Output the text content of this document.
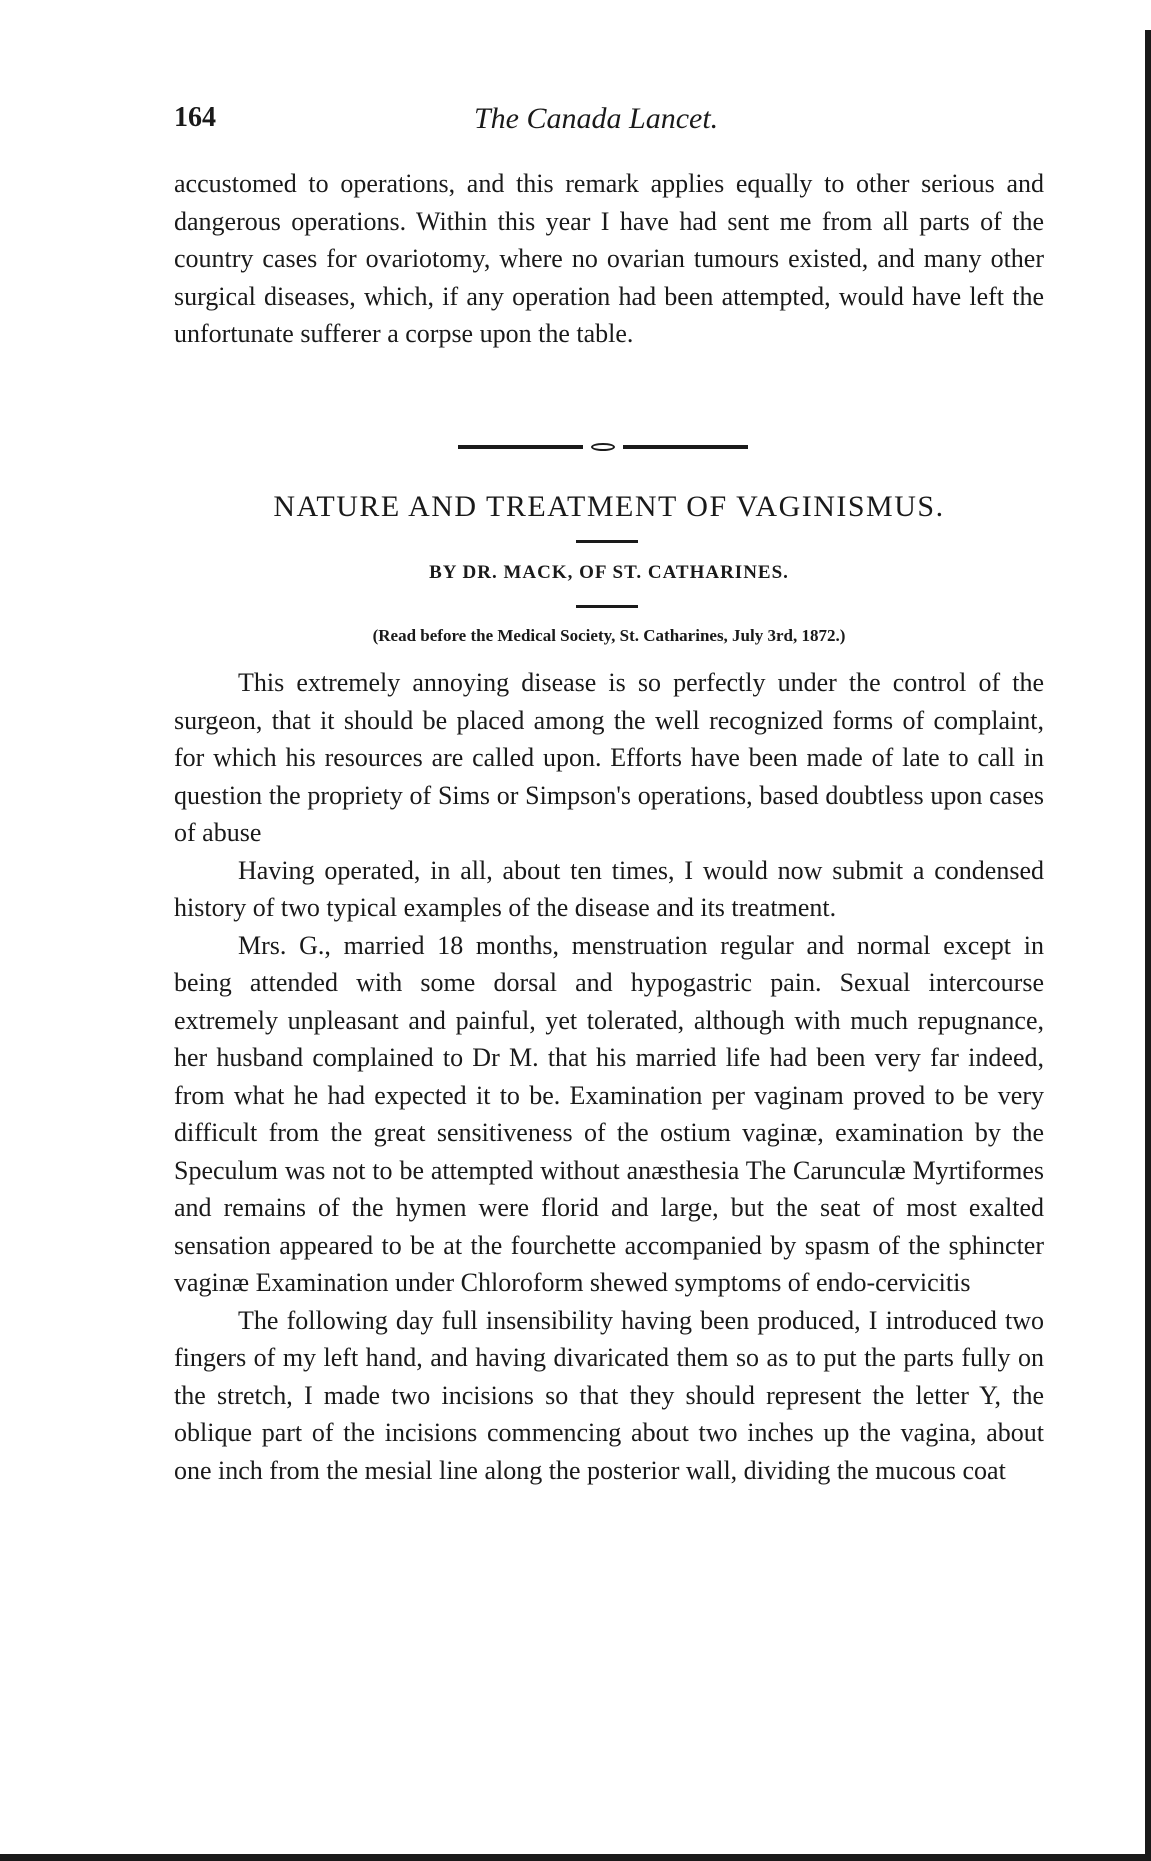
164	The Canada Lancet.

accustomed to operations, and this remark applies equally to other serious and dangerous operations. Within this year I have had sent me from all parts of the country cases for ovariotomy, where no ovarian tumours existed, and many other surgical diseases, which, if any operation had been attempted, would have left the unfortunate sufferer a corpse upon the table.

NATURE AND TREATMENT OF VAGINISMUS.
BY DR. MACK, OF ST. CATHARINES.
(Read before the Medical Society, St. Catharines, July 3rd, 1872.)

This extremely annoying disease is so perfectly under the control of the surgeon, that it should be placed among the well recognized forms of complaint, for which his resources are called upon. Efforts have been made of late to call in question the propriety of Sims or Simpson's operations, based doubtless upon cases of abuse

Having operated, in all, about ten times, I would now submit a condensed history of two typical examples of the disease and its treatment.

Mrs. G., married 18 months, menstruation regular and normal except in being attended with some dorsal and hypogastric pain. Sexual intercourse extremely unpleasant and painful, yet tolerated, although with much repugnance, her husband complained to Dr M. that his married life had been very far indeed, from what he had expected it to be. Examination per vaginam proved to be very difficult from the great sensitiveness of the ostium vaginæ, examination by the Speculum was not to be attempted without anæsthesia The Carunculæ Myrtiformes and remains of the hymen were florid and large, but the seat of most exalted sensation appeared to be at the fourchette accompanied by spasm of the sphincter vaginæ Examination under Chloroform shewed symptoms of endo-cervicitis

The following day full insensibility having been produced, I introduced two fingers of my left hand, and having divaricated them so as to put the parts fully on the stretch, I made two incisions so that they should represent the letter Y, the oblique part of the incisions commencing about two inches up the vagina, about one inch from the mesial line along the posterior wall, dividing the mucous coat
